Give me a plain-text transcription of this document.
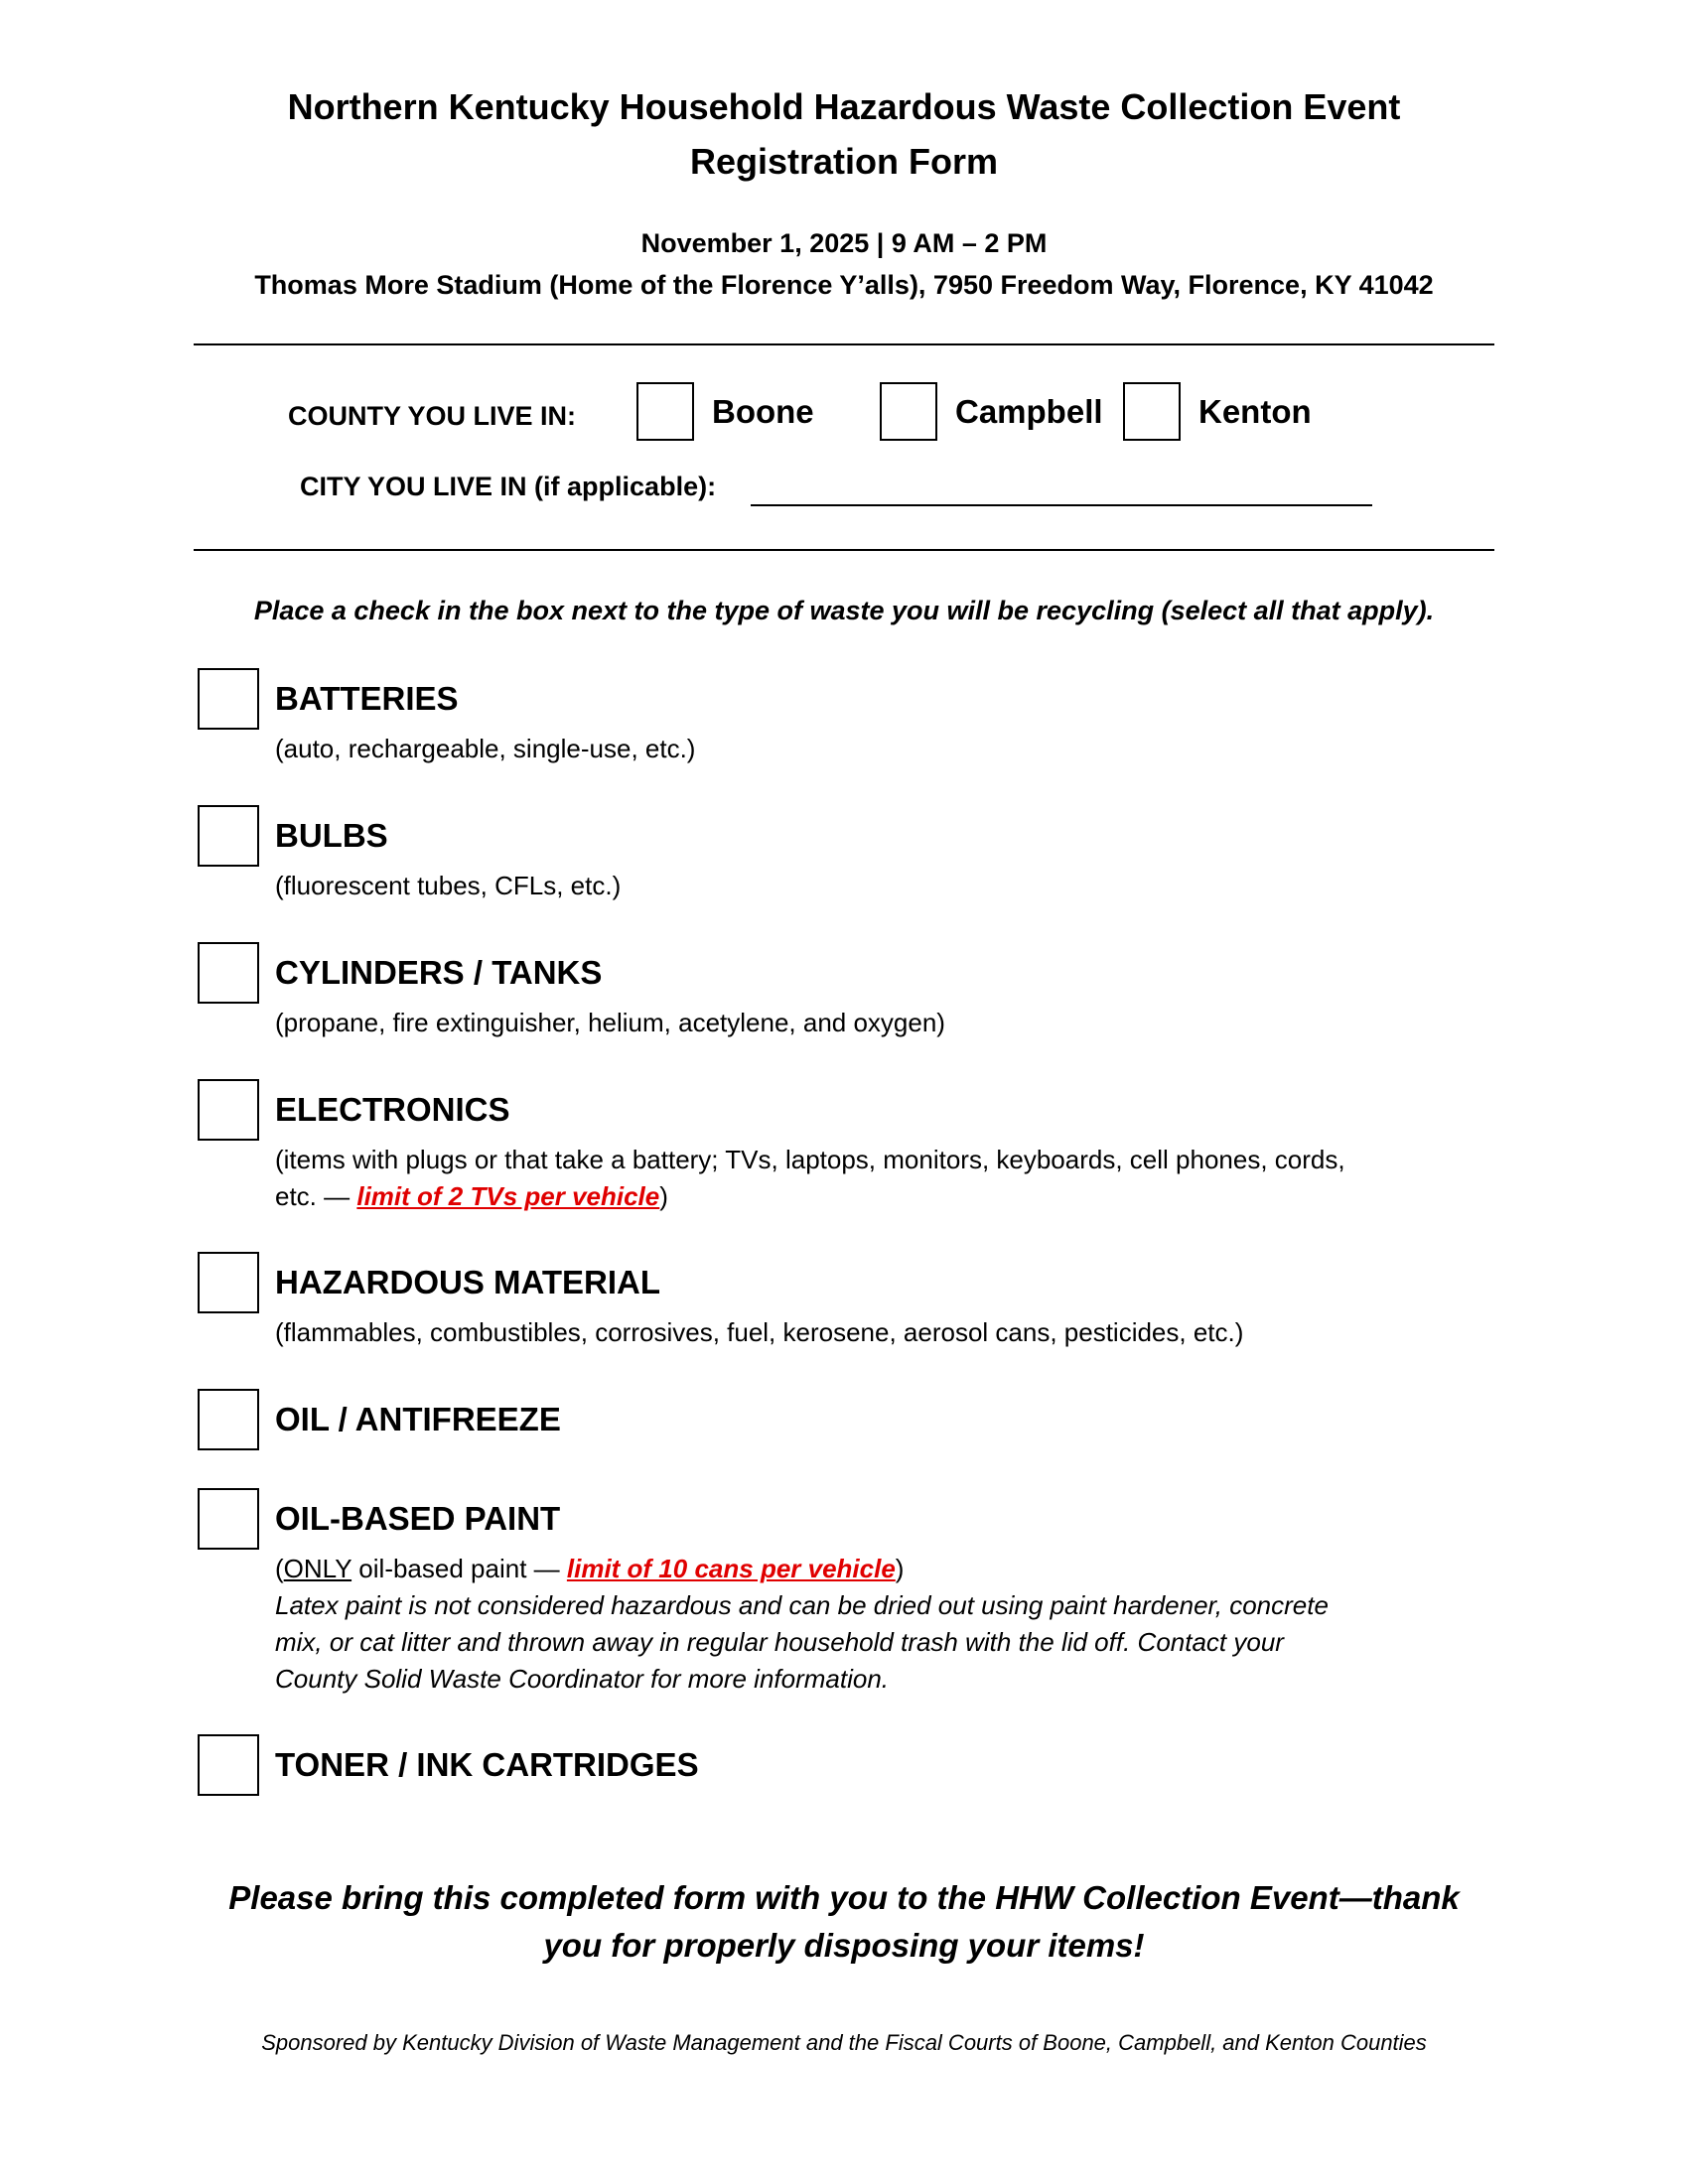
Northern Kentucky Household Hazardous Waste Collection Event
Registration Form
November 1, 2025 | 9 AM – 2 PM
Thomas More Stadium (Home of the Florence Y’alls), 7950 Freedom Way, Florence, KY 41042
COUNTY YOU LIVE IN:	Boone	Campbell	Kenton
CITY YOU LIVE IN (if applicable):
Place a check in the box next to the type of waste you will be recycling (select all that apply).
BATTERIES
(auto, rechargeable, single-use, etc.)
BULBS
(fluorescent tubes, CFLs, etc.)
CYLINDERS / TANKS
(propane, fire extinguisher, helium, acetylene, and oxygen)
ELECTRONICS
(items with plugs or that take a battery; TVs, laptops, monitors, keyboards, cell phones, cords,
etc. — limit of 2 TVs per vehicle)
HAZARDOUS MATERIAL
(flammables, combustibles, corrosives, fuel, kerosene, aerosol cans, pesticides, etc.)
OIL / ANTIFREEZE
OIL-BASED PAINT
(ONLY oil-based paint — limit of 10 cans per vehicle)
Latex paint is not considered hazardous and can be dried out using paint hardener, concrete
mix, or cat litter and thrown away in regular household trash with the lid off. Contact your
County Solid Waste Coordinator for more information.
TONER / INK CARTRIDGES
Please bring this completed form with you to the HHW Collection Event—thank
you for properly disposing your items!
Sponsored by Kentucky Division of Waste Management and the Fiscal Courts of Boone, Campbell, and Kenton Counties
